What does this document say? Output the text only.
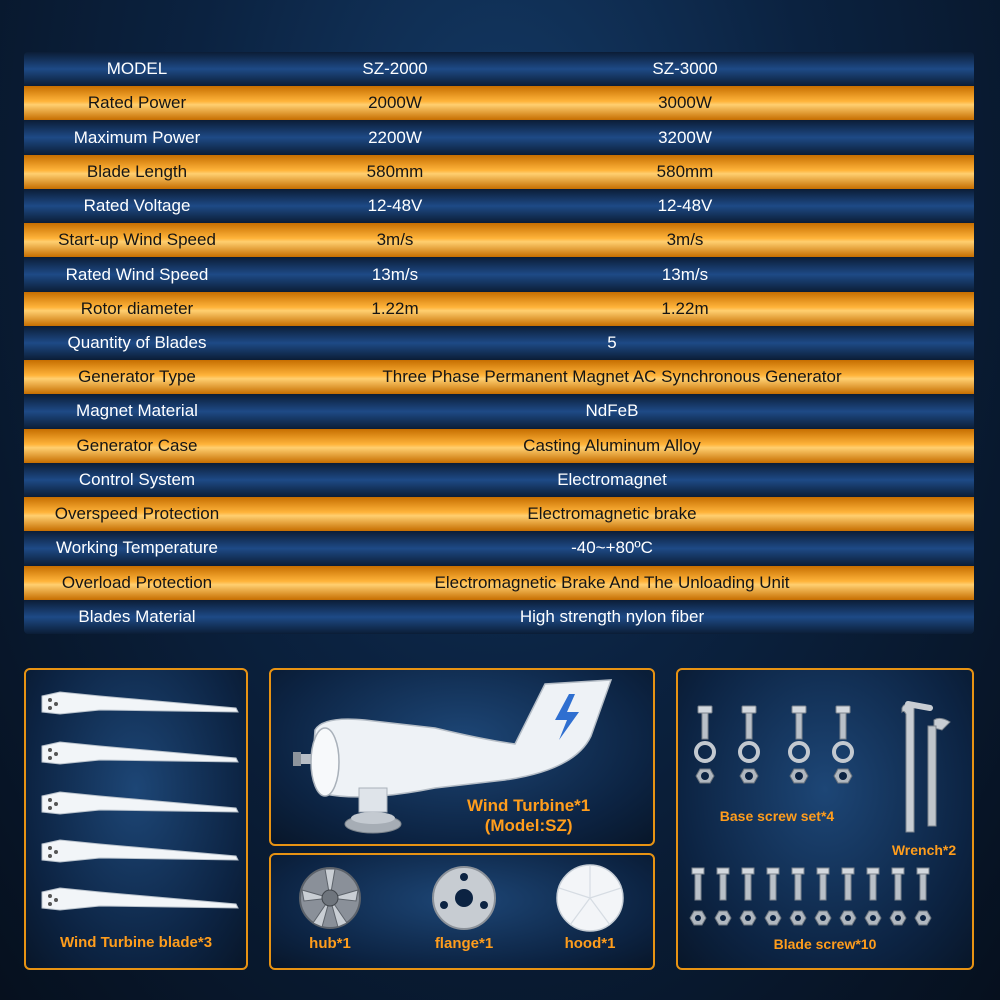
MODEL	SZ-2000	SZ-3000
Rated Power	2000W	3000W
Maximum Power	2200W	3200W
Blade Length	580mm	580mm
Rated Voltage	12-48V	12-48V
Start-up Wind Speed	3m/s	3m/s
Rated Wind Speed	13m/s	13m/s
Rotor diameter	1.22m	1.22m
Quantity of Blades	5
Generator Type	Three Phase Permanent Magnet AC Synchronous Generator
Magnet Material	NdFeB
Generator Case	Casting Aluminum Alloy
Control System	Electromagnet
Overspeed Protection	Electromagnetic brake
Working Temperature	-40~+80ºC
Overload Protection	Electromagnetic Brake And The Unloading Unit
Blades Material	High strength nylon fiber
Wind Turbine blade*3
Wind Turbine*1
(Model:SZ)
hub*1	flange*1	hood*1
Base screw set*4
Wrench*2
Blade screw*10
